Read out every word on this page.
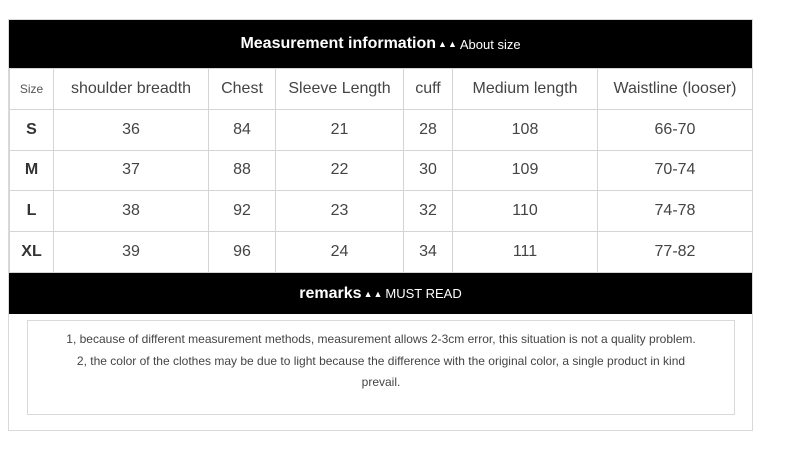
Measurement information ▲▲ About size
Size	shoulder breadth	Chest	Sleeve Length	cuff	Medium length	Waistline (looser)
S	36	84	21	28	108	66-70
M	37	88	22	30	109	70-74
L	38	92	23	32	110	74-78
XL	39	96	24	34	111	77-82
remarks ▲▲ MUST READ

1, because of different measurement methods, measurement allows 2-3cm error, this situation is not a quality problem.

2, the color of the clothes may be due to light because the difference with the original color, a single product in kind prevail.
